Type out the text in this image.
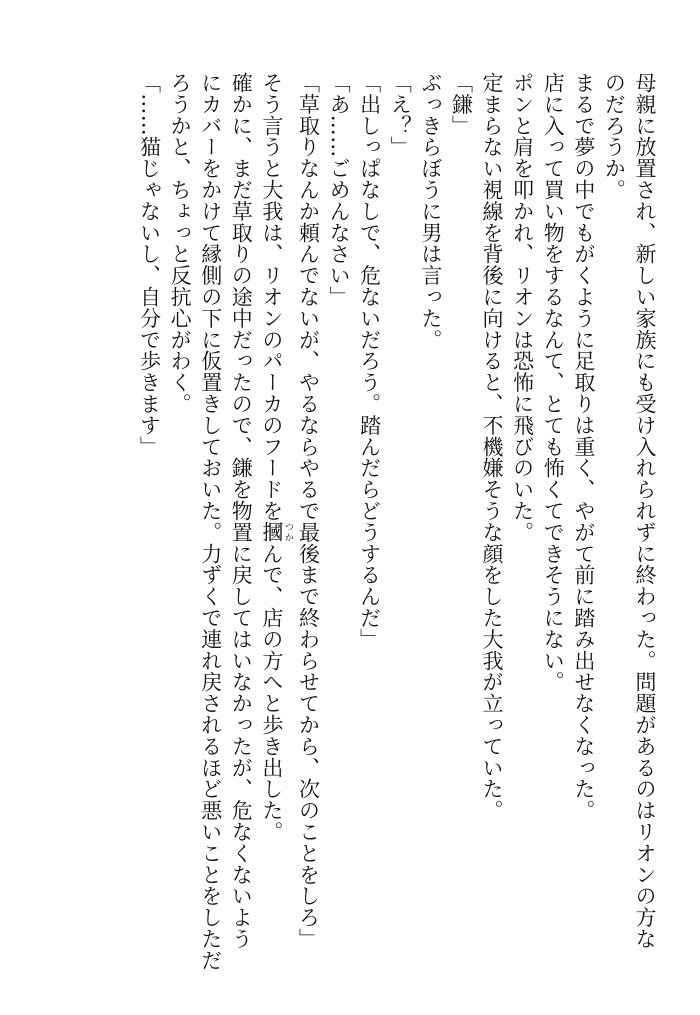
母親に放置され、新しい家族にも受け入れられずに終わった。問題があるのはリオンの方な
のだろうか。
まるで夢の中でもがくように足取りは重く、やがて前に踏み出せなくなった。
店に入って買い物をするなんて、とても怖くてできそうにない。
ポンと肩を叩かれ、リオンは恐怖に飛びのいた。
定まらない視線を背後に向けると、不機嫌そうな顔をした大我が立っていた。
「鎌」
ぶっきらぼうに男は言った。
「え？」
「出しっぱなしで、危ないだろう。踏んだらどうするんだ」
「あ……ごめんなさい」
「草取りなんか頼んでないが、やるならやるで最後まで終わらせてから、次のことをしろ」
そう言うと大我は、リオンのパーカのフードを摑 つかんで、店の方へと歩き出した。
確かに、まだ草取りの途中だったので、鎌を物置に戻してはいなかったが、危なくないよう
にカバーをかけて縁側の下に仮置きしておいた。力ずくで連れ戻されるほど悪いことをしただ
ろうかと、ちょっと反抗心がわく。
「……猫じゃないし、自分で歩きます」
